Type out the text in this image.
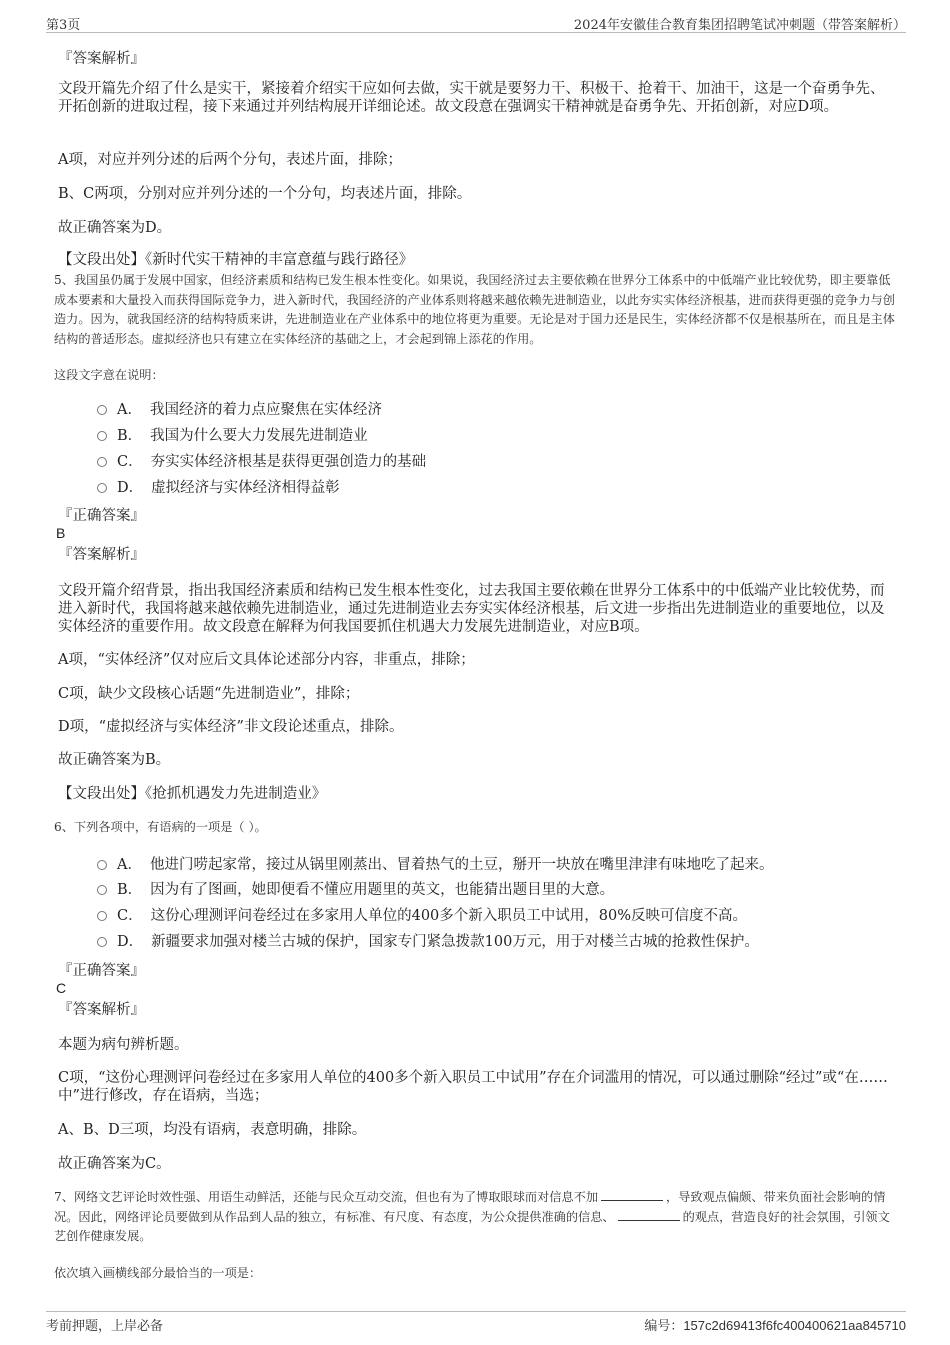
第3页	2024年安徽佳合教育集团招聘笔试冲刺题（带答案解析）
『答案解析』

文段开篇先介绍了什么是实干，紧接着介绍实干应如何去做，实干就是要努力干、积极干、抢着干、加油干，这是一个奋勇争先、开拓创新的进取过程，接下来通过并列结构展开详细论述。故文段意在强调实干精神就是奋勇争先、开拓创新，对应D项。

A项，对应并列分述的后两个分句，表述片面，排除；

B、C两项，分别对应并列分述的一个分句，均表述片面，排除。

故正确答案为D。

【文段出处】《新时代实干精神的丰富意蕴与践行路径》

5、我国虽仍属于发展中国家，但经济素质和结构已发生根本性变化。如果说，我国经济过去主要依赖在世界分工体系中的中低端产业比较优势，即主要靠低成本要素和大量投入而获得国际竞争力，进入新时代，我国经济的产业体系则将越来越依赖先进制造业，以此夯实实体经济根基，进而获得更强的竞争力与创造力。因为，就我国经济的结构特质来讲，先进制造业在产业体系中的地位将更为重要。无论是对于国力还是民生，实体经济都不仅是根基所在，而且是主体结构的普适形态。虚拟经济也只有建立在实体经济的基础之上，才会起到锦上添花的作用。

这段文字意在说明：

A． 我国经济的着力点应聚焦在实体经济
B． 我国为什么要大力发展先进制造业
C． 夯实实体经济根基是获得更强创造力的基础
D． 虚拟经济与实体经济相得益彰
『正确答案』
B
『答案解析』

文段开篇介绍背景，指出我国经济素质和结构已发生根本性变化，过去我国主要依赖在世界分工体系中的中低端产业比较优势，而进入新时代，我国将越来越依赖先进制造业，通过先进制造业去夯实实体经济根基，后文进一步指出先进制造业的重要地位，以及实体经济的重要作用。故文段意在解释为何我国要抓住机遇大力发展先进制造业，对应B项。

A项，“实体经济”仅对应后文具体论述部分内容，非重点，排除；

C项，缺少文段核心话题“先进制造业”，排除；

D项，“虚拟经济与实体经济”非文段论述重点，排除。

故正确答案为B。

【文段出处】《抢抓机遇发力先进制造业》

6、下列各项中，有语病的一项是（ ）。

A． 他进门唠起家常，接过从锅里刚蒸出、冒着热气的土豆，掰开一块放在嘴里津津有味地吃了起来。
B． 因为有了图画，她即便看不懂应用题里的英文，也能猜出题目里的大意。
C． 这份心理测评问卷经过在多家用人单位的400多个新入职员工中试用，80%反映可信度不高。
D． 新疆要求加强对楼兰古城的保护，国家专门紧急拨款100万元，用于对楼兰古城的抢救性保护。
『正确答案』
C
『答案解析』

本题为病句辨析题。

C项，“这份心理测评问卷经过在多家用人单位的400多个新入职员工中试用”存在介词滥用的情况，可以通过删除“经过”或“在……中”进行修改，存在语病，当选；

A、B、D三项，均没有语病，表意明确，排除。

故正确答案为C。

7、网络文艺评论时效性强、用语生动鲜活，还能与民众互动交流，但也有为了博取眼球而对信息不加	，导致观点偏颇、带来负面社会影响的情况。因此，网络评论员要做到从作品到人品的独立，有标准、有尺度、有态度，为公众提供准确的信息、	的观点，营造良好的社会氛围，引领文艺创作健康发展。

依次填入画横线部分最恰当的一项是：

考前押题，上岸必备	编号：157c2d69413f6fc400400621aa845710
